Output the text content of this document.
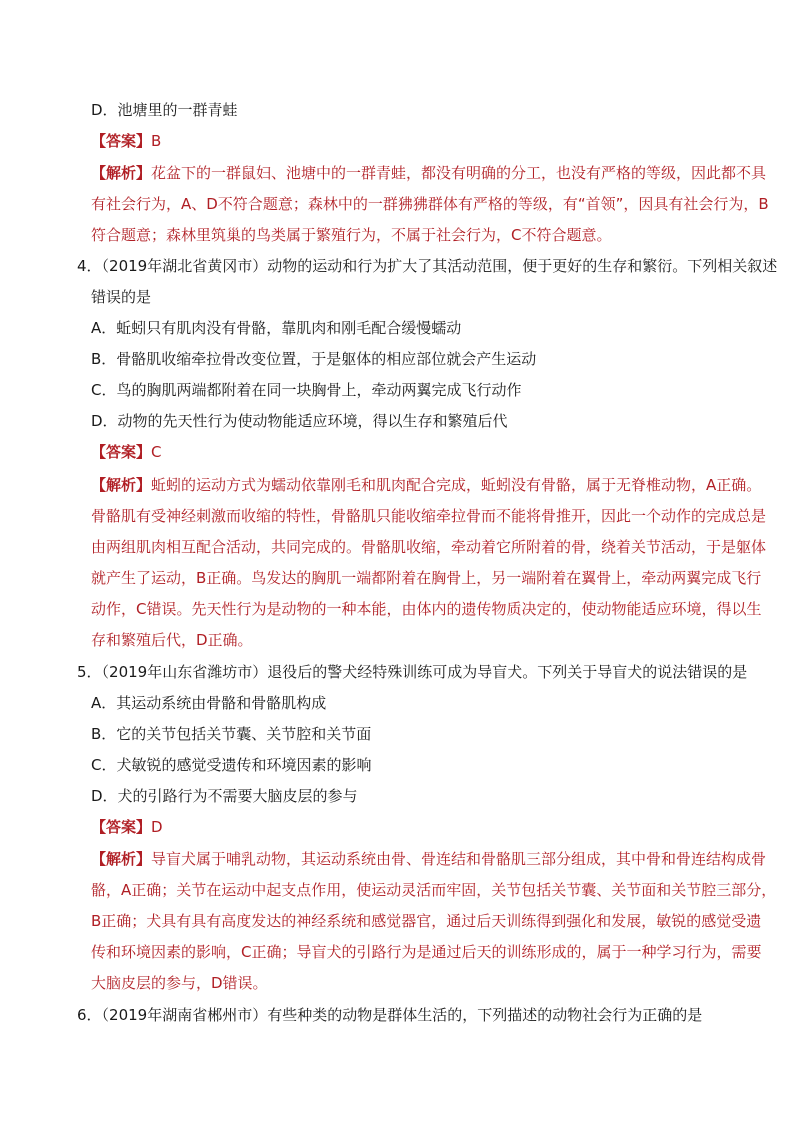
D．池塘里的一群青蛙
【答案】B
【解析】花盆下的一群鼠妇、池塘中的一群青蛙，都没有明确的分工，也没有严格的等级，因此都不具
有社会行为，A、D不符合题意；森林中的一群狒狒群体有严格的等级，有“首领”，因具有社会行为，B
符合题意；森林里筑巢的鸟类属于繁殖行为，不属于社会行为，C不符合题意。
4．（2019年湖北省黄冈市）动物的运动和行为扩大了其活动范围，便于更好的生存和繁衍。下列相关叙述
错误的是
A．蚯蚓只有肌肉没有骨骼，靠肌肉和刚毛配合缓慢蠕动
B．骨骼肌收缩牵拉骨改变位置，于是躯体的相应部位就会产生运动
C．鸟的胸肌两端都附着在同一块胸骨上，牵动两翼完成飞行动作
D．动物的先天性行为使动物能适应环境，得以生存和繁殖后代
【答案】C
【解析】蚯蚓的运动方式为蠕动依靠刚毛和肌肉配合完成，蚯蚓没有骨骼，属于无脊椎动物，A正确。
骨骼肌有受神经刺激而收缩的特性，骨骼肌只能收缩牵拉骨而不能将骨推开，因此一个动作的完成总是
由两组肌肉相互配合活动，共同完成的。骨骼肌收缩，牵动着它所附着的骨，绕着关节活动，于是躯体
就产生了运动，B正确。鸟发达的胸肌一端都附着在胸骨上，另一端附着在翼骨上，牵动两翼完成飞行
动作，C错误。先天性行为是动物的一种本能，由体内的遗传物质决定的，使动物能适应环境，得以生
存和繁殖后代，D正确。
5．（2019年山东省潍坊市）退役后的警犬经特殊训练可成为导盲犬。下列关于导盲犬的说法错误的是
A．其运动系统由骨骼和骨骼肌构成
B．它的关节包括关节囊、关节腔和关节面
C．犬敏锐的感觉受遗传和环境因素的影响
D．犬的引路行为不需要大脑皮层的参与
【答案】D
【解析】导盲犬属于哺乳动物，其运动系统由骨、骨连结和骨骼肌三部分组成，其中骨和骨连结构成骨
骼，A正确；关节在运动中起支点作用，使运动灵活而牢固，关节包括关节囊、关节面和关节腔三部分，
B正确；犬具有具有高度发达的神经系统和感觉器官，通过后天训练得到强化和发展，敏锐的感觉受遗
传和环境因素的影响，C正确；导盲犬的引路行为是通过后天的训练形成的，属于一种学习行为，需要
大脑皮层的参与，D错误。
6．（2019年湖南省郴州市）有些种类的动物是群体生活的，下列描述的动物社会行为正确的是
